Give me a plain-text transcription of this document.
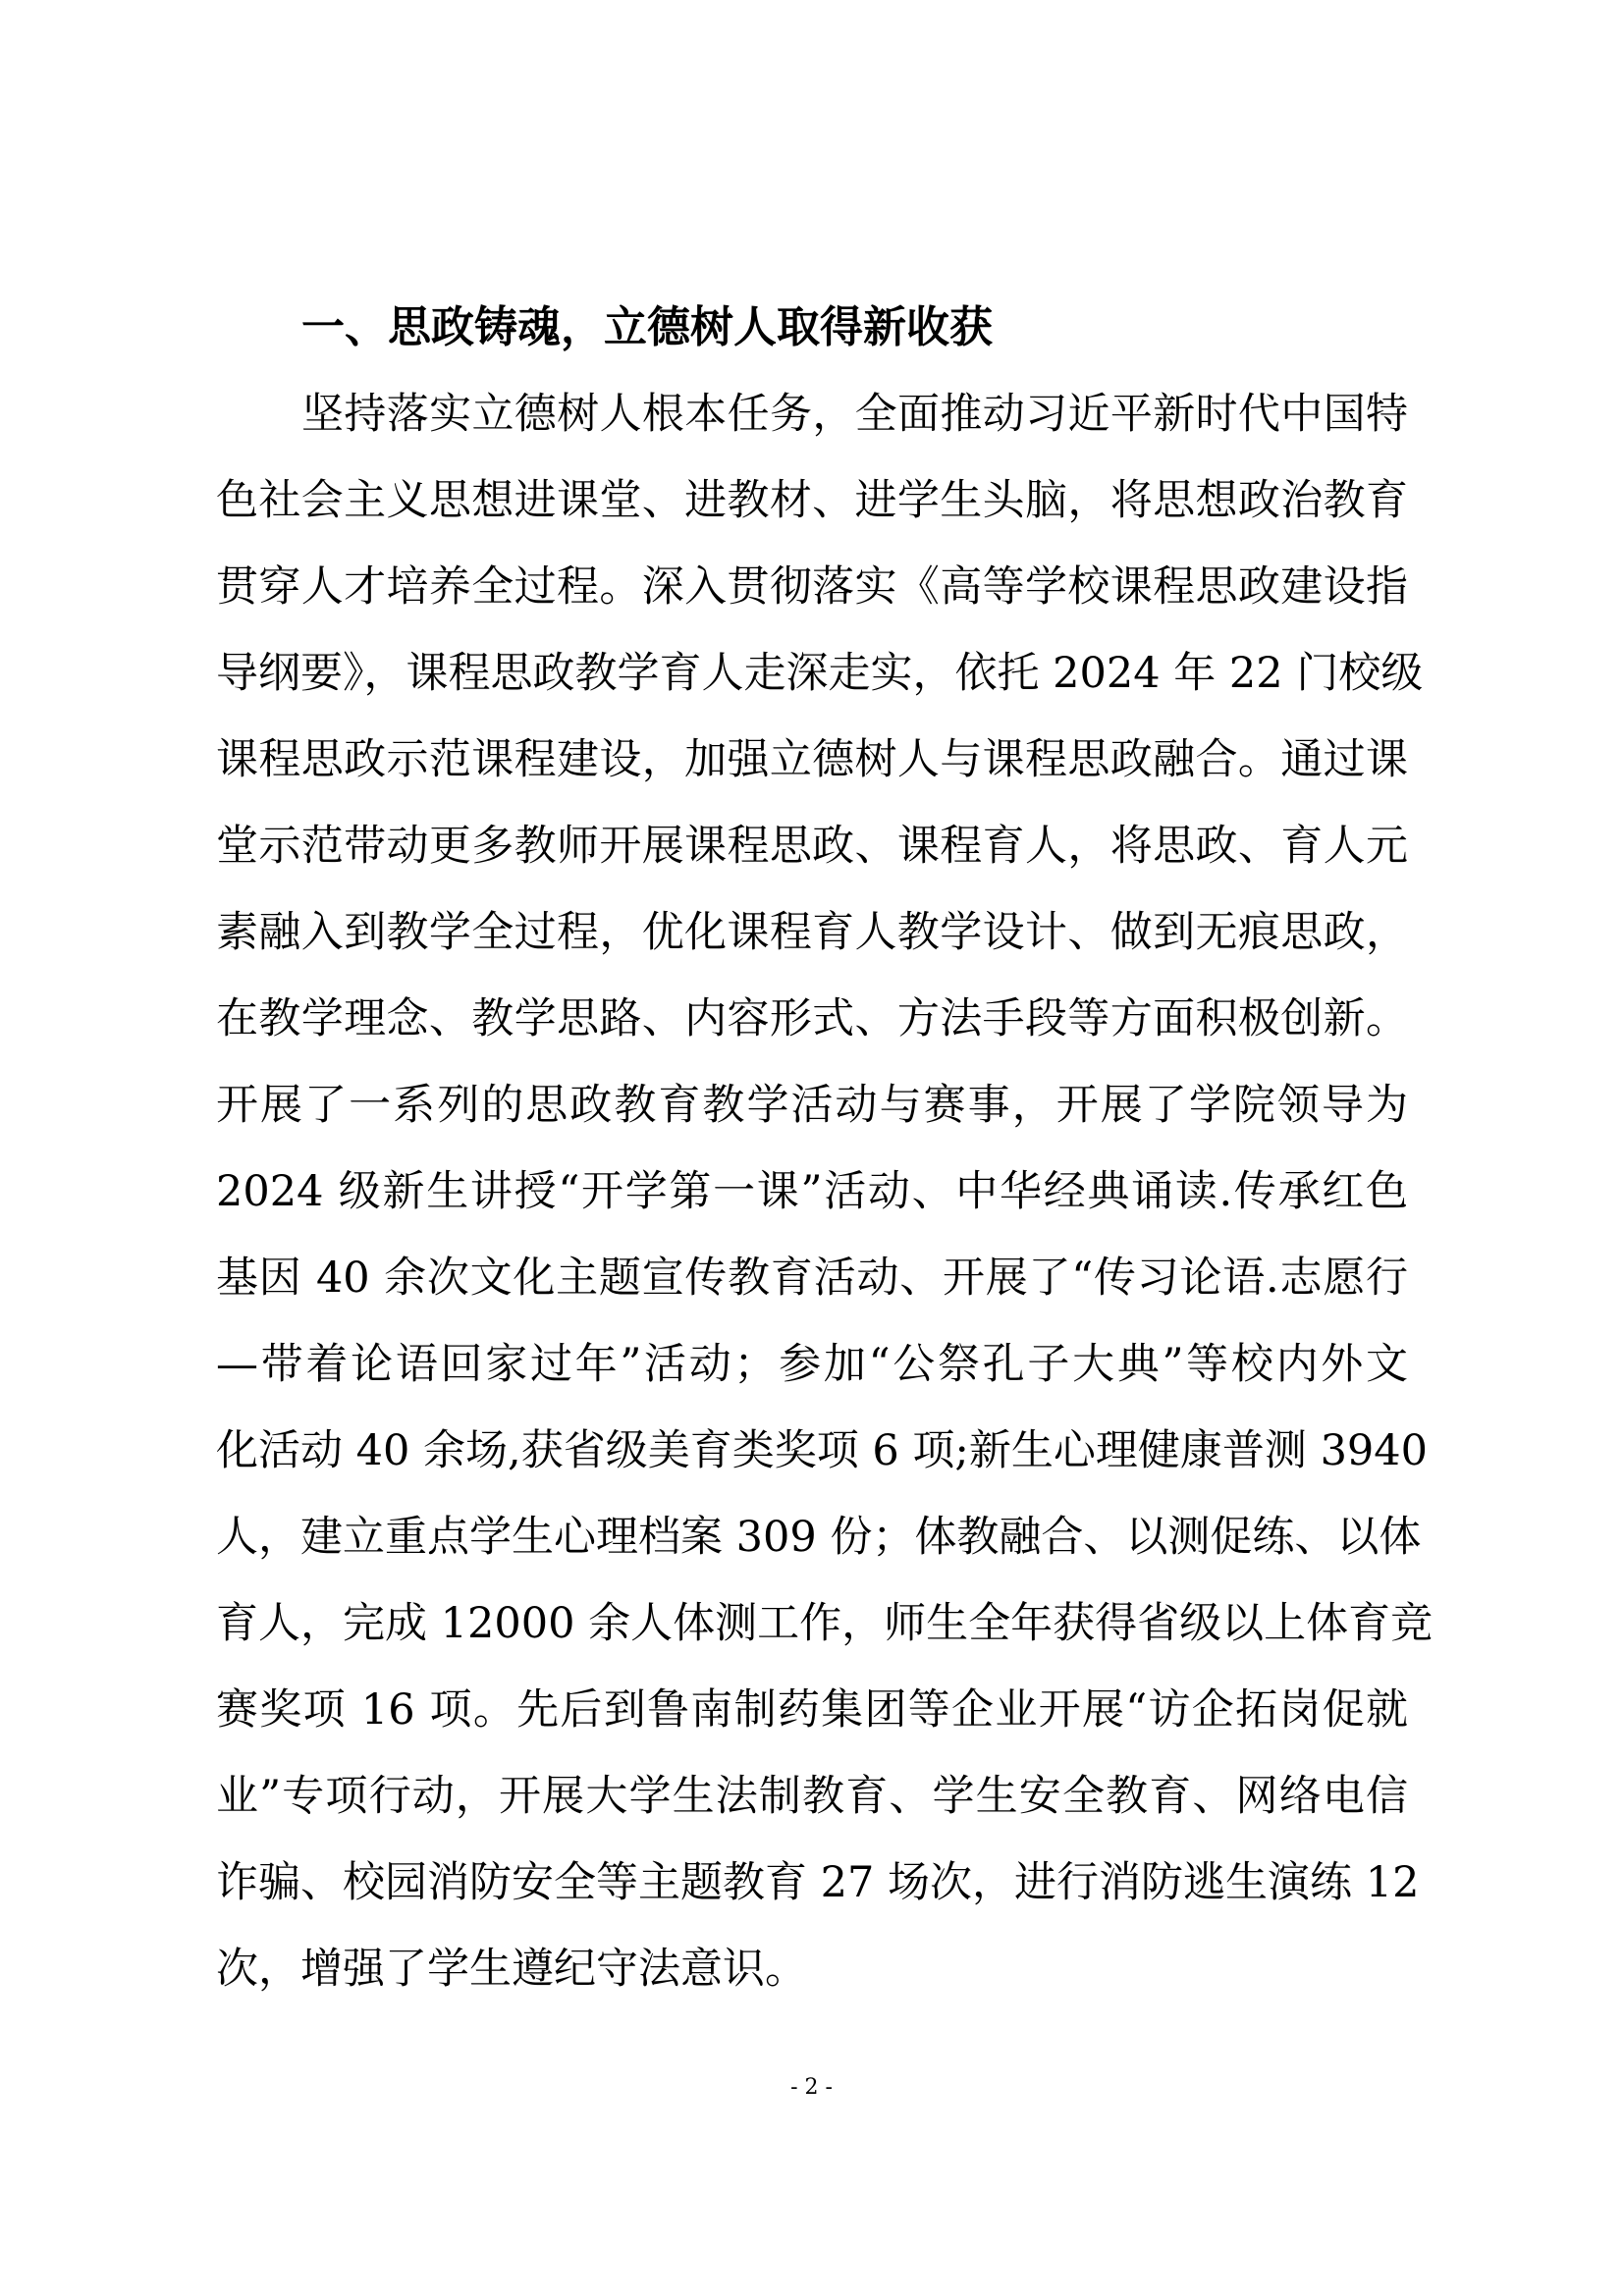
一、思政铸魂，立德树人取得新收获
坚持落实立德树人根本任务，全面推动习近平新时代中国特
色社会主义思想进课堂、进教材、进学生头脑，将思想政治教育
贯穿人才培养全过程。深入贯彻落实《高等学校课程思政建设指
导纲要》，课程思政教学育人走深走实，依托 2024 年 22 门校级
课程思政示范课程建设，加强立德树人与课程思政融合。通过课
堂示范带动更多教师开展课程思政、课程育人，将思政、育人元
素融入到教学全过程，优化课程育人教学设计、做到无痕思政，
在教学理念、教学思路、内容形式、方法手段等方面积极创新。
开展了一系列的思政教育教学活动与赛事，开展了学院领导为
2024 级新生讲授“开学第一课”活动、中华经典诵读.传承红色
基因 40 余次文化主题宣传教育活动、开展了“传习论语.志愿行
—带着论语回家过年”活动；参加“公祭孔子大典”等校内外文
化活动 40 余场,获省级美育类奖项 6 项;新生心理健康普测 3940
人，建立重点学生心理档案 309 份；体教融合、以测促练、以体
育人，完成 12000 余人体测工作，师生全年获得省级以上体育竞
赛奖项 16 项。先后到鲁南制药集团等企业开展“访企拓岗促就
业”专项行动，开展大学生法制教育、学生安全教育、网络电信
诈骗、校园消防安全等主题教育 27 场次，进行消防逃生演练 12
次，增强了学生遵纪守法意识。
- 2 -
